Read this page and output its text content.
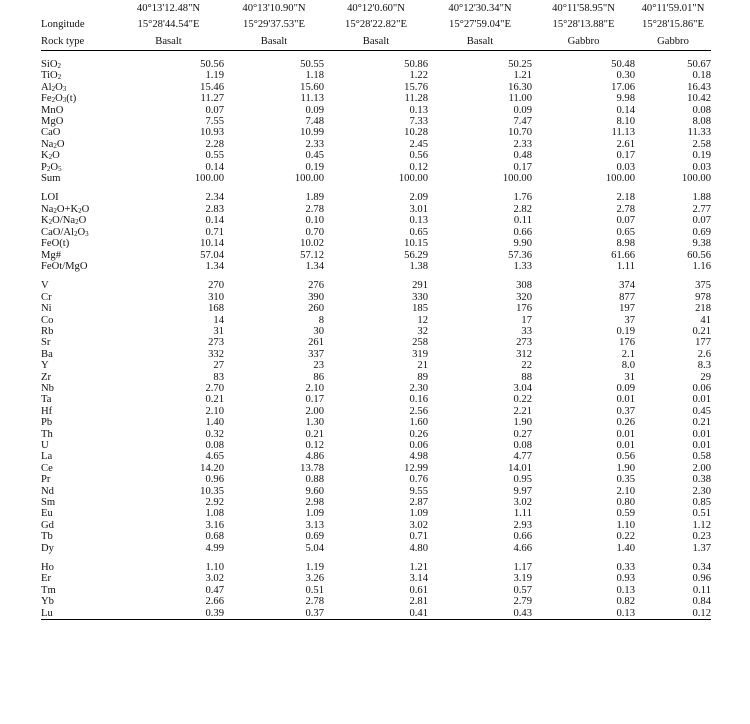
	40°13'12.48"N	40°13'10.90"N	40°12'0.60"N	40°12'30.34"N	40°11'58.95"N	40°11'59.01"N
Longitude	15°28'44.54"E	15°29'37.53"E	15°28'22.82"E	15°27'59.04"E	15°28'13.88"E	15°28'15.86"E
Rock type	Basalt	Basalt	Basalt	Basalt	Gabbro	Gabbro

SiO$_2$	50.56	50.55	50.86	50.25	50.48	50.67
TiO$_2$	1.19	1.18	1.22	1.21	0.30	0.18
$Al_2O_3$	15.46	15.60	15.76	16.30	17.06	16.43
$Fe_2O_3(t)$	11.27	11.13	11.28	11.00	9.98	10.42
MnO	0.07	0.09	0.13	0.09	0.14	0.08
MgO	7.55	7.48	7.33	7.47	8.10	8.08
CaO	10.93	10.99	10.28	10.70	11.13	11.33
$Na_2O$	2.28	2.33	2.45	2.33	2.61	2.58
$K_2O$	0.55	0.45	0.56	0.48	0.17	0.19
$P_2O_5$	0.14	0.19	0.12	0.17	0.03	0.03
Sum	100.00	100.00	100.00	100.00	100.00	100.00

LOI	2.34	1.89	2.09	1.76	2.18	1.88
$Na_2O+K_2O$	2.83	2.78	3.01	2.82	2.78	2.77
$K_2O/Na_2O$	0.14	0.10	0.13	0.11	0.07	0.07
CaO/$Al_2O_3$	0.71	0.70	0.65	0.66	0.65	0.69
FeO(t)	10.14	10.02	10.15	9.90	8.98	9.38
Mg#	57.04	57.12	56.29	57.36	61.66	60.56
FeOt/MgO	1.34	1.34	1.38	1.33	1.11	1.16

V	270	276	291	308	374	375
Cr	310	390	330	320	877	978
Ni	168	260	185	176	197	218
Co	14	8	12	17	37	41
Rb	31	30	32	33	0.19	0.21
Sr	273	261	258	273	176	177
Ba	332	337	319	312	2.1	2.6
Y	27	23	21	22	8.0	8.3
Zr	83	86	89	88	31	29
Nb	2.70	2.10	2.30	3.04	0.09	0.06
Ta	0.21	0.17	0.16	0.22	0.01	0.01
Hf	2.10	2.00	2.56	2.21	0.37	0.45
Pb	1.40	1.30	1.60	1.90	0.26	0.21
Th	0.32	0.21	0.26	0.27	0.01	0.01
U	0.08	0.12	0.06	0.08	0.01	0.01
La	4.65	4.86	4.98	4.77	0.56	0.58
Ce	14.20	13.78	12.99	14.01	1.90	2.00
Pr	0.96	0.88	0.76	0.95	0.35	0.38
Nd	10.35	9.60	9.55	9.97	2.10	2.30
Sm	2.92	2.98	2.87	3.02	0.80	0.85
Eu	1.08	1.09	1.09	1.11	0.59	0.51
Gd	3.16	3.13	3.02	2.93	1.10	1.12
Tb	0.68	0.69	0.71	0.66	0.22	0.23
Dy	4.99	5.04	4.80	4.66	1.40	1.37

Ho	1.10	1.19	1.21	1.17	0.33	0.34
Er	3.02	3.26	3.14	3.19	0.93	0.96
Tm	0.47	0.51	0.61	0.57	0.13	0.11
Yb	2.66	2.78	2.81	2.79	0.82	0.84
Lu	0.39	0.37	0.41	0.43	0.13	0.12
